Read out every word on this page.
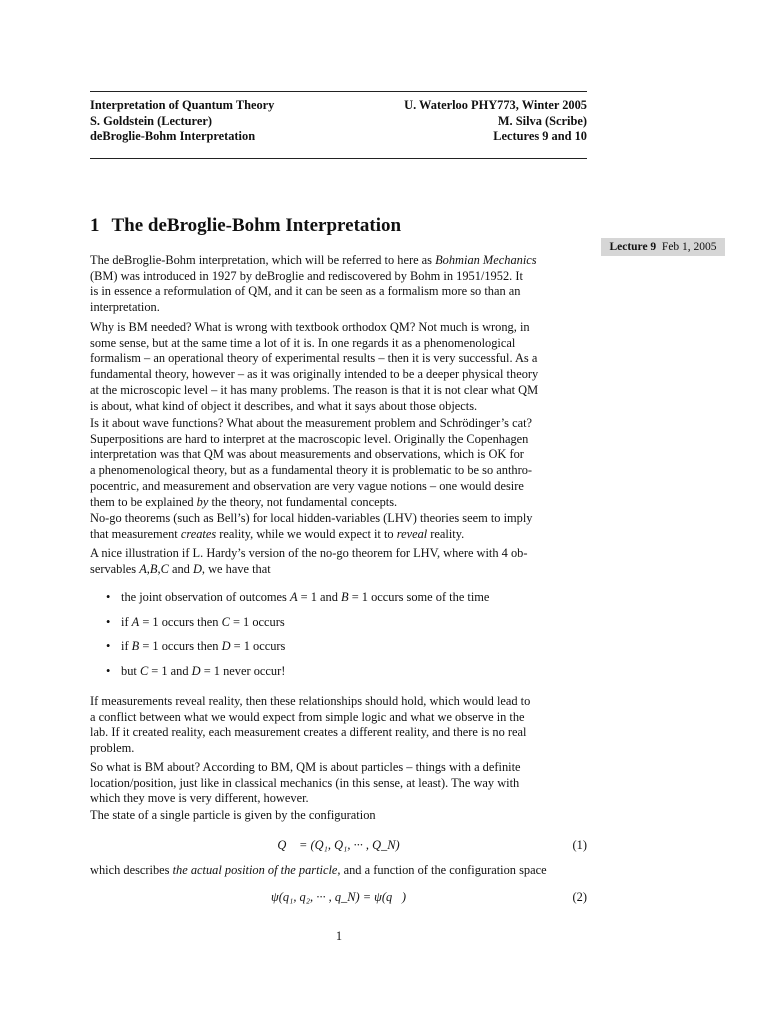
Interpretation of Quantum Theory
S. Goldstein (Lecturer)
deBroglie-Bohm Interpretation
U. Waterloo PHY773, Winter 2005
M. Silva (Scribe)
Lectures 9 and 10
1 The deBroglie-Bohm Interpretation
Lecture 9 Feb 1, 2005
The deBroglie-Bohm interpretation, which will be referred to here as Bohmian Mechanics
(BM) was introduced in 1927 by deBroglie and rediscovered by Bohm in 1951/1952. It
is in essence a reformulation of QM, and it can be seen as a formalism more so than an
interpretation.
Why is BM needed? What is wrong with textbook orthodox QM? Not much is wrong, in
some sense, but at the same time a lot of it is. In one regards it as a phenomenological
formalism – an operational theory of experimental results – then it is very successful. As a
fundamental theory, however – as it was originally intended to be a deeper physical theory
at the microscopic level – it has many problems. The reason is that it is not clear what QM
is about, what kind of object it describes, and what it says about those objects.
Is it about wave functions? What about the measurement problem and Schrödinger’s cat?
Superpositions are hard to interpret at the macroscopic level. Originally the Copenhagen
interpretation was that QM was about measurements and observations, which is OK for
a phenomenological theory, but as a fundamental theory it is problematic to be so anthro-
pocentric, and measurement and observation are very vague notions – one would desire
them to be explained by the theory, not fundamental concepts.
No-go theorems (such as Bell’s) for local hidden-variables (LHV) theories seem to imply
that measurement creates reality, while we would expect it to reveal reality.
A nice illustration if L. Hardy’s version of the no-go theorem for LHV, where with 4 ob-
servables A,B,C and D, we have that
• the joint observation of outcomes A = 1 and B = 1 occurs some of the time
• if A = 1 occurs then C = 1 occurs
• if B = 1 occurs then D = 1 occurs
• but C = 1 and D = 1 never occur!
If measurements reveal reality, then these relationships should hold, which would lead to
a conflict between what we would expect from simple logic and what we observe in the
lab. If it created reality, each measurement creates a different reality, and there is no real
problem.
So what is BM about? According to BM, QM is about particles – things with a definite
location/position, just like in classical mechanics (in this sense, at least). The way with
which they move is very different, however.
The state of a single particle is given by the configuration
Q⃗ = (Q₁, Q₁, ··· , Q_N)	(1)
which describes the actual position of the particle, and a function of the configuration space
ψ(q₁, q₂, ··· , q_N) = ψ(q⃗)	(2)
1
